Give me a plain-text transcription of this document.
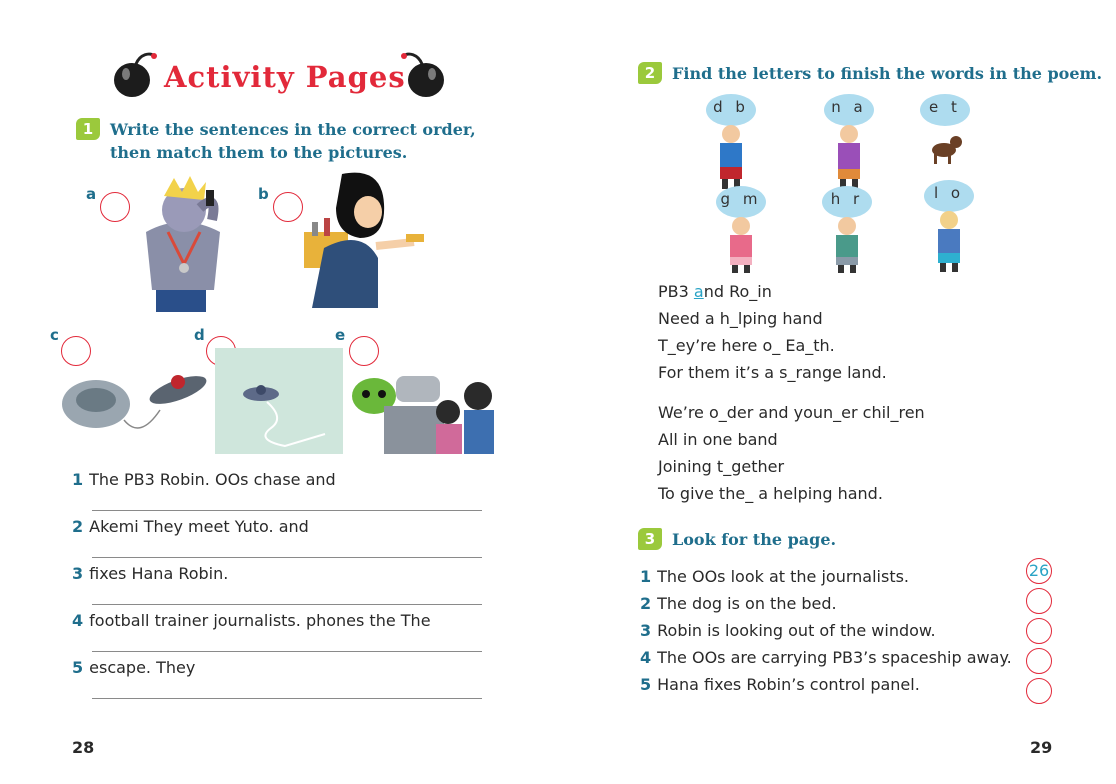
Activity Pages
1	Write the sentences in the correct order,
then match them to the pictures.
a	b
c	d	e
1 The PB3 Robin. OOs chase and
2 Akemi They meet Yuto. and
3 fixes Hana Robin.
4 football trainer journalists. phones the The
5 escape. They
28
2	Find the letters to finish the words in the poem.
d b	n a	e t
g m	h r	l o
PB3 and Ro_in
Need a h_lping hand
T_ey’re here o_ Ea_th.
For them it’s a s_range land.
We’re o_der and youn_er chil_ren
All in one band
Joining t_gether
To give the_ a helping hand.
3	Look for the page.
1 The OOs look at the journalists.	26
2 The dog is on the bed.
3 Robin is looking out of the window.
4 The OOs are carrying PB3’s spaceship away.
5 Hana fixes Robin’s control panel.
29
